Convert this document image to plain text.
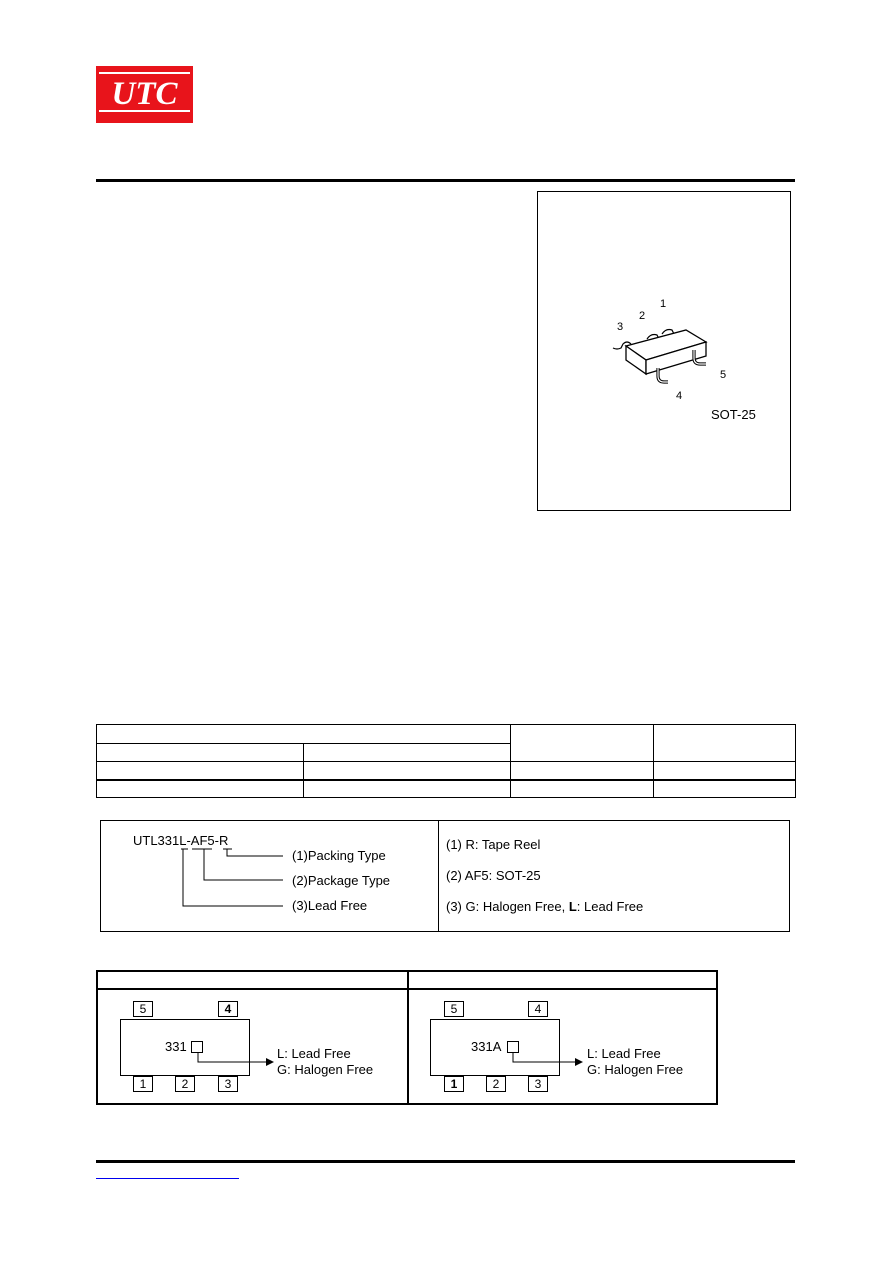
UTC
1
2
3
4
5
SOT-25

UTL331L-AF5-R
(1)Packing Type
(2)Package Type
(3)Lead Free
(1) R: Tape Reel
(2) AF5: SOT-25
(3) G: Halogen Free, L: Lead Free
5	4
1	2	3
331	L: Lead Free
G: Halogen Free
5	4
1	2	3
331A	L: Lead Free
G: Halogen Free
